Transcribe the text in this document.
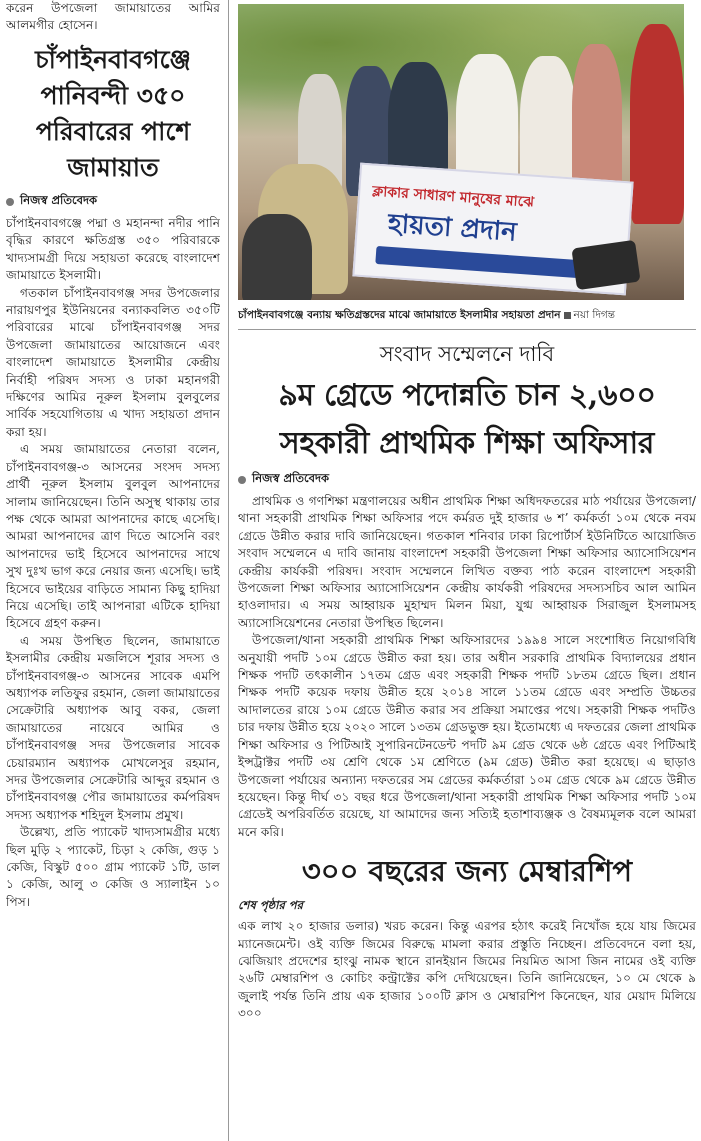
করেন উপজেলা জামায়াতের আমির আলমগীর হোসেন।

চাঁপাইনবাবগঞ্জে পানিবন্দী ৩৫০ পরিবারের পাশে জামায়াত
নিজস্ব প্রতিবেদক

চাঁপাইনবাবগঞ্জে পদ্মা ও মহানন্দা নদীর পানি বৃদ্ধির কারণে ক্ষতিগ্রস্ত ৩৫০ পরিবারকে খাদ্যসামগ্রী দিয়ে সহায়তা করেছে বাংলাদেশ জামায়াতে ইসলামী।

গতকাল চাঁপাইনবাবগঞ্জ সদর উপজেলার নারায়ণপুর ইউনিয়নের বন্যাকবলিত ৩৫০টি পরিবারের মাঝে চাঁপাইনবাবগঞ্জ সদর উপজেলা জামায়াতের আয়োজনে এবং বাংলাদেশ জামায়াতে ইসলামীর কেন্দ্রীয় নির্বাহী পরিষদ সদস্য ও ঢাকা মহানগরী দক্ষিণের আমির নূরুল ইসলাম বুলবুলের সার্বিক সহযোগিতায় এ খাদ্য সহায়তা প্রদান করা হয়।

এ সময় জামায়াতের নেতারা বলেন, চাঁপাইনবাবগঞ্জ-৩ আসনের সংসদ সদস্য প্রার্থী নূরুল ইসলাম বুলবুল আপনাদের সালাম জানিয়েছেন। তিনি অসুস্থ থাকায় তার পক্ষ থেকে আমরা আপনাদের কাছে এসেছি। আমরা আপনাদের ত্রাণ দিতে আসেনি বরং আপনাদের ভাই হিসেবে আপনাদের সাথে সুখ দুঃখ ভাগ করে নেয়ার জন্য এসেছি। ভাই হিসেবে ভাইয়ের বাড়িতে সামান্য কিছু হাদিয়া নিয়ে এসেছি। তাই আপনারা এটিকে হাদিয়া হিসেবে গ্রহণ করুন।

এ সময় উপস্থিত ছিলেন, জামায়াতে ইসলামীর কেন্দ্রীয় মজলিসে শূরার সদস্য ও চাঁপাইনবাবগঞ্জ-৩ আসনের সাবেক এমপি অধ্যাপক লতিফুর রহমান, জেলা জামায়াতের সেক্রেটারি অধ্যাপক আবু বকর, জেলা জামায়াতের নায়েবে আমির ও চাঁপাইনবাবগঞ্জ সদর উপজেলার সাবেক চেয়ারম্যান অধ্যাপক মোখলেসুর রহমান, সদর উপজেলার সেক্রেটারি আব্দুর রহমান ও চাঁপাইনবাবগঞ্জ পৌর জামায়াতের কর্মপরিষদ সদস্য অধ্যাপক শহিদুল ইসলাম প্রমুখ।

উল্লেখ্য, প্রতি প্যাকেট খাদ্যসামগ্রীর মধ্যে ছিল মুড়ি ২ প্যাকেট, চিড়া ২ কেজি, গুড় ১ কেজি, বিস্কুট ৫০০ গ্রাম প্যাকেট ১টি, ডাল ১ কেজি, আলু ৩ কেজি ও স্যালাইন ১০ পিস।

ক্লাকার সাধারণ মানুষের মাঝে
হায়তা প্রদান
চাঁপাইনবাবগঞ্জে বন্যায় ক্ষতিগ্রস্তদের মাঝে জামায়াতে ইসলামীর সহায়তা প্রদান নয়া দিগন্ত
সংবাদ সম্মেলনে দাবি
৯ম গ্রেডে পদোন্নতি চান ২,৬০০
সহকারী প্রাথমিক শিক্ষা অফিসার
নিজস্ব প্রতিবেদক

প্রাথমিক ও গণশিক্ষা মন্ত্রণালয়ের অধীন প্রাথমিক শিক্ষা অধিদফতরের মাঠ পর্যায়ের উপজেলা/থানা সহকারী প্রাথমিক শিক্ষা অফিসার পদে কর্মরত দুই হাজার ৬ শ’ কর্মকর্তা ১০ম থেকে নবম গ্রেডে উন্নীত করার দাবি জানিয়েছেন। গতকাল শনিবার ঢাকা রিপোর্টার্স ইউনিটিতে আয়োজিত সংবাদ সম্মেলনে এ দাবি জানায় বাংলাদেশ সহকারী উপজেলা শিক্ষা অফিসার অ্যাসোসিয়েশন কেন্দ্রীয় কার্যকরী পরিষদ। সংবাদ সম্মেলনে লিখিত বক্তব্য পাঠ করেন বাংলাদেশ সহকারী উপজেলা শিক্ষা অফিসার অ্যাসোসিয়েশন কেন্দ্রীয় কার্যকরী পরিষদের সদস্যসচিব আল আমিন হাওলাদার। এ সময় আহ্বায়ক মুহাম্মদ মিলন মিয়া, যুগ্ম আহ্বায়ক সিরাজুল ইসলামসহ অ্যাসোসিয়েশনের নেতারা উপস্থিত ছিলেন।

উপজেলা/থানা সহকারী প্রাথমিক শিক্ষা অফিসারদের ১৯৯৪ সালে সংশোধিত নিয়োগবিধি অনুযায়ী পদটি ১০ম গ্রেডে উন্নীত করা হয়। তার অধীন সরকারি প্রাথমিক বিদ্যালয়ের প্রধান শিক্ষক পদটি তৎকালীন ১৭তম গ্রেড এবং সহকারী শিক্ষক পদটি ১৮তম গ্রেডে ছিল। প্রধান শিক্ষক পদটি কয়েক দফায় উন্নীত হয়ে ২০১৪ সালে ১১তম গ্রেডে এবং সম্প্রতি উচ্চতর আদালতের রায়ে ১০ম গ্রেডে উন্নীত করার সব প্রক্রিয়া সমাপ্তের পথে। সহকারী শিক্ষক পদটিও চার দফায় উন্নীত হয়ে ২০২০ সালে ১৩তম গ্রেডভুক্ত হয়। ইতোমধ্যে এ দফতরের জেলা প্রাথমিক শিক্ষা অফিসার ও পিটিআই সুপারিনটেনডেন্ট পদটি ৯ম গ্রেড থেকে ৬ষ্ঠ গ্রেডে এবং পিটিআই ইন্সট্রাক্টর পদটি ৩য় শ্রেণি থেকে ১ম শ্রেণিতে (৯ম গ্রেড) উন্নীত করা হয়েছে। এ ছাড়াও উপজেলা পর্যায়ের অন্যান্য দফতরের সম গ্রেডের কর্মকর্তারা ১০ম গ্রেড থেকে ৯ম গ্রেডে উন্নীত হয়েছেন। কিন্তু দীর্ঘ ৩১ বছর ধরে উপজেলা/থানা সহকারী প্রাথমিক শিক্ষা অফিসার পদটি ১০ম গ্রেডেই অপরিবর্তিত রয়েছে, যা আমাদের জন্য সত্যিই হতাশাব্যঞ্জক ও বৈষম্যমূলক বলে আমরা মনে করি।

৩০০ বছরের জন্য মেম্বারশিপ
শেষ পৃষ্ঠার পর

এক লাখ ২০ হাজার ডলার) খরচ করেন। কিন্তু এরপর হঠাৎ করেই নিখোঁজ হয়ে যায় জিমের ম্যানেজমেন্ট। ওই ব্যক্তি জিমের বিরুদ্ধে মামলা করার প্রস্তুতি নিচ্ছেন। প্রতিবেদনে বলা হয়, ঝেজিয়াং প্রদেশের হাংঝু নামক স্থানে রানইয়ান জিমের নিয়মিত আসা জিন নামের ওই ব্যক্তি ২৬টি মেম্বারশিপ ও কোচিং কন্ট্রাক্টের কপি দেখিয়েছেন। তিনি জানিয়েছেন, ১০ মে থেকে ৯ জুলাই পর্যন্ত তিনি প্রায় এক হাজার ১০০টি ক্লাস ও মেম্বারশিপ কিনেছেন, যার মেয়াদ মিলিয়ে ৩০০
